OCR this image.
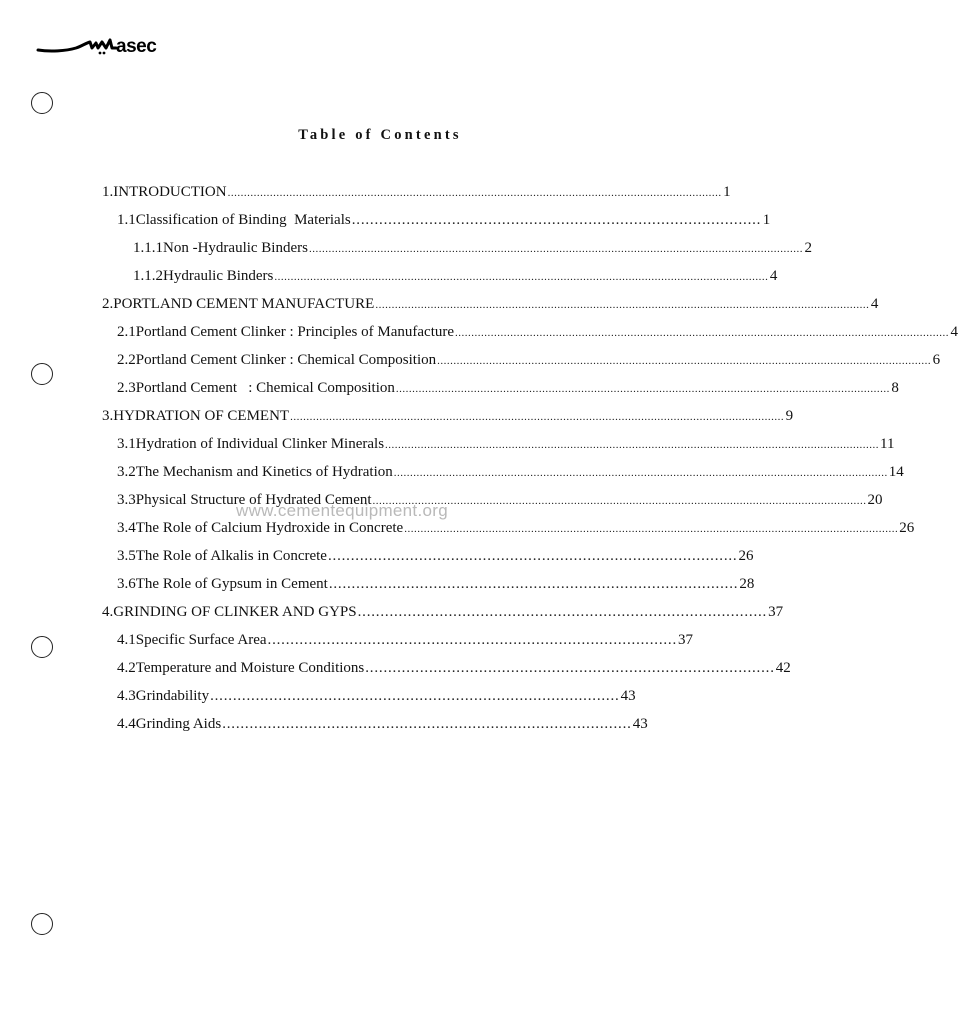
asec
Table of Contents
1. INTRODUCTION ........................................................................................................................................................ 1
1.1 Classification of Binding  Materials .......................................................................................... 1
1.1.1 Non -Hydraulic Binders ........................................................................................................................................................ 2
1.1.2 Hydraulic Binders ........................................................................................................................................................ 4
2. PORTLAND CEMENT MANUFACTURE ........................................................................................................................................................ 4
2.1 Portland Cement Clinker : Principles of Manufacture ........................................................................................................................................................ 4
2.2 Portland Cement Clinker : Chemical Composition ........................................................................................................................................................ 6
2.3 Portland Cement   : Chemical Composition ........................................................................................................................................................ 8
3. HYDRATION OF CEMENT ........................................................................................................................................................ 9
3.1 Hydration of Individual Clinker Minerals ........................................................................................................................................................ 11
3.2 The Mechanism and Kinetics of Hydration ........................................................................................................................................................ 14
3.3 Physical Structure of Hydrated Cement ........................................................................................................................................................ 20
3.4 The Role of Calcium Hydroxide in Concrete ........................................................................................................................................................ 26
3.5 The Role of Alkalis in Concrete .......................................................................................... 26
3.6 The Role of Gypsum in Cement .......................................................................................... 28
4. GRINDING OF CLINKER AND GYPS .......................................................................................... 37
4.1 Specific Surface Area .......................................................................................... 37
4.2 Temperature and Moisture Conditions .......................................................................................... 42
4.3 Grindability .......................................................................................... 43
4.4 Grinding Aids .......................................................................................... 43
www.cementequipment.org
